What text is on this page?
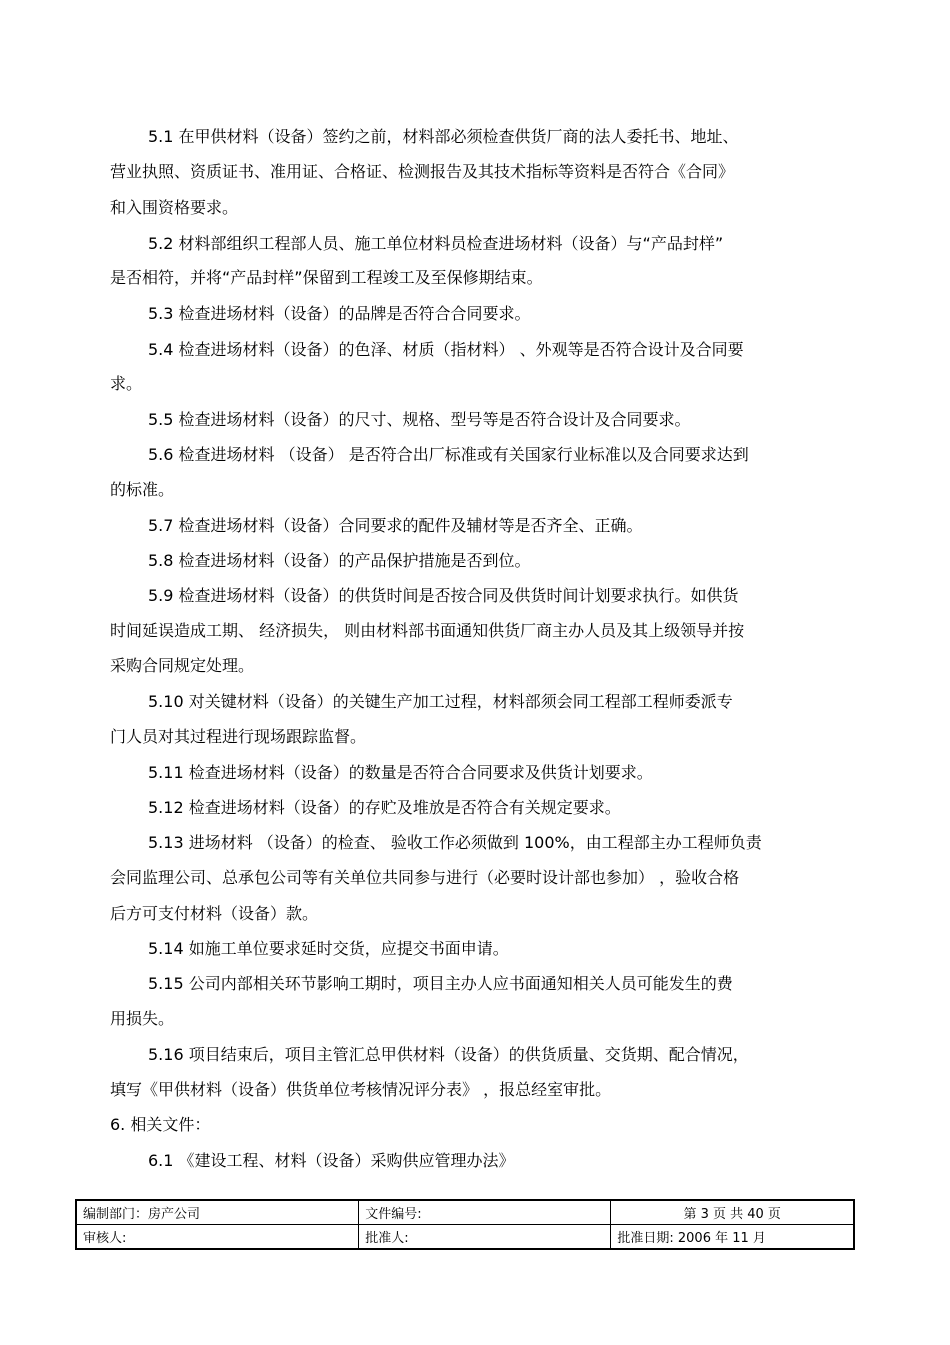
5.1 在甲供材料（设备）签约之前，材料部必须检查供货厂商的法人委托书、地址、
营业执照、资质证书、准用证、合格证、检测报告及其技术指标等资料是否符合《合同》
和入围资格要求。
5.2 材料部组织工程部人员、施工单位材料员检查进场材料（设备）与“产品封样”
是否相符，并将“产品封样”保留到工程竣工及至保修期结束。
5.3 检查进场材料（设备）的品牌是否符合合同要求。
5.4 检查进场材料（设备）的色泽、材质（指材料） 、外观等是否符合设计及合同要
求。
5.5 检查进场材料（设备）的尺寸、规格、型号等是否符合设计及合同要求。
5.6 检查进场材料 （设备） 是否符合出厂标准或有关国家行业标准以及合同要求达到
的标准。
5.7 检查进场材料（设备）合同要求的配件及辅材等是否齐全、正确。
5.8 检查进场材料（设备）的产品保护措施是否到位。
5.9 检查进场材料（设备）的供货时间是否按合同及供货时间计划要求执行。如供货
时间延误造成工期、 经济损失， 则由材料部书面通知供货厂商主办人员及其上级领导并按
采购合同规定处理。
5.10 对关键材料（设备）的关键生产加工过程，材料部须会同工程部工程师委派专
门人员对其过程进行现场跟踪监督。
5.11 检查进场材料（设备）的数量是否符合合同要求及供货计划要求。
5.12 检查进场材料（设备）的存贮及堆放是否符合有关规定要求。
5.13 进场材料 （设备）的检查、 验收工作必须做到 100%，由工程部主办工程师负责
会同监理公司、总承包公司等有关单位共同参与进行（必要时设计部也参加） ，验收合格
后方可支付材料（设备）款。
5.14 如施工单位要求延时交货，应提交书面申请。
5.15 公司内部相关环节影响工期时，项目主办人应书面通知相关人员可能发生的费
用损失。
5.16 项目结束后，项目主管汇总甲供材料（设备）的供货质量、交货期、配合情况，
填写《甲供材料（设备）供货单位考核情况评分表》 ，报总经室审批。
6. 相关文件：
6.1 《建设工程、材料（设备）采购供应管理办法》
编制部门：房产公司	文件编号:	第 3 页 共 40 页
审核人:	批准人:	批准日期: 2006 年 11 月
